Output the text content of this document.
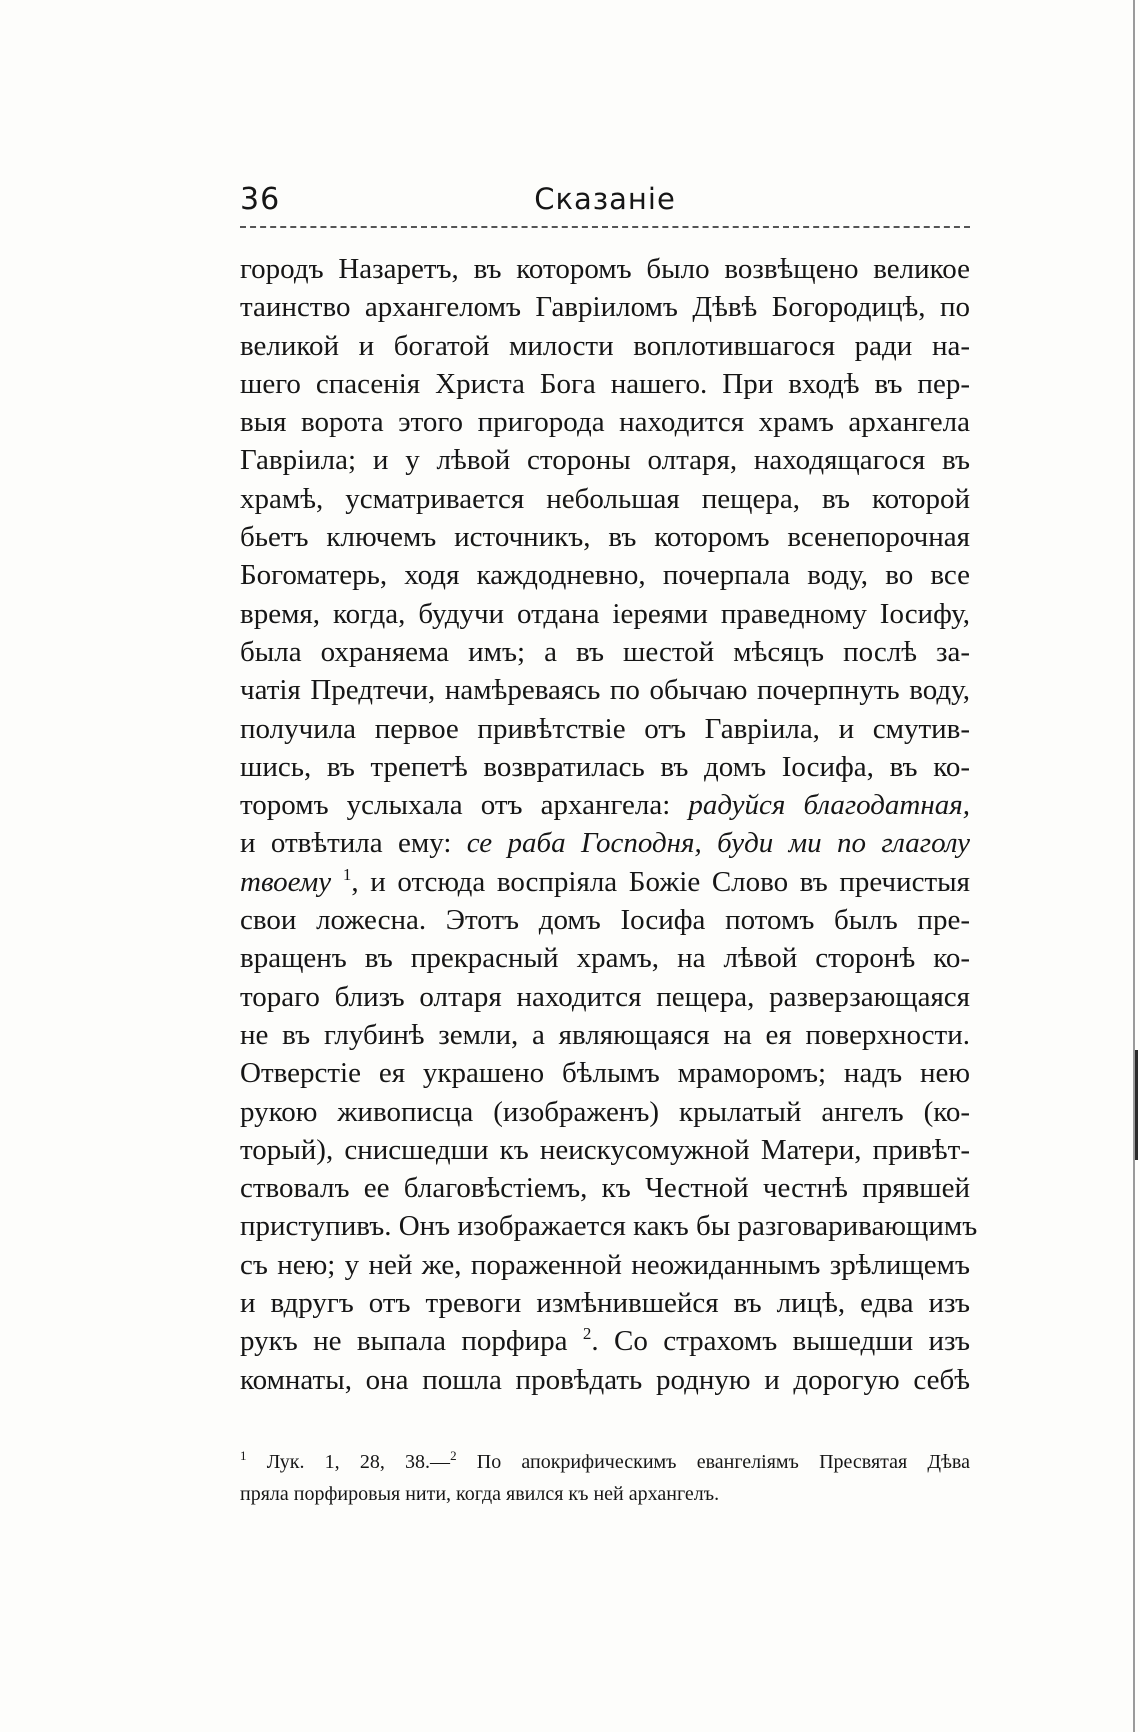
36	Сказаніе
городъ Назаретъ, въ которомъ было возвѣщено великое
таинство архангеломъ Гавріиломъ Дѣвѣ Богородицѣ, по
великой и богатой милости воплотившагося ради на-
шего спасенія Христа Бога нашего. При входѣ въ пер-
выя ворота этого пригорода находится храмъ архангела
Гавріила; и у лѣвой стороны олтаря, находящагося въ
храмѣ, усматривается небольшая пещера, въ которой
бьетъ ключемъ источникъ, въ которомъ всенепорочная
Богоматерь, ходя каждодневно, почерпала воду, во все
время, когда, будучи отдана іереями праведному Іосифу,
была охраняема имъ; а въ шестой мѣсяцъ послѣ за-
чатія Предтечи, намѣреваясь по обычаю почерпнуть воду,
получила первое привѣтствіе отъ Гавріила, и смутив-
шись, въ трепетѣ возвратилась въ домъ Іосифа, въ ко-
торомъ услыхала отъ архангела: радуйся благодатная,
и отвѣтила ему: се раба Господня, буди ми по глаголу
твоему $^1$, и отсюда воспріяла Божіе Слово въ пречистыя
свои ложесна. Этотъ домъ Іосифа потомъ былъ пре-
вращенъ въ прекрасный храмъ, на лѣвой сторонѣ ко-
тораго близъ олтаря находится пещера, разверзающаяся
не въ глубинѣ земли, а являющаяся на ея поверхности.
Отверстіе ея украшено бѣлымъ мраморомъ; надъ нею
рукою живописца (изображенъ) крылатый ангелъ (ко-
торый), снисшедши къ неискусомужной Матери, привѣт-
ствовалъ ее благовѣстіемъ, къ Честной честнѣ прявшей
приступивъ. Онъ изображается какъ бы разговаривающимъ
съ нею; у ней же, пораженной неожиданнымъ зрѣлищемъ
и вдругъ отъ тревоги измѣнившейся въ лицѣ, едва изъ
рукъ не выпала порфира $^2$. Со страхомъ вышедши изъ
комнаты, она пошла провѣдать родную и дорогую себѣ
$^1$ Лук. 1, 28, 38.—$^2$ По апокрифическимъ евангеліямъ Пресвятая Дѣва
пряла порфировыя нити, когда явился къ ней архангелъ.
